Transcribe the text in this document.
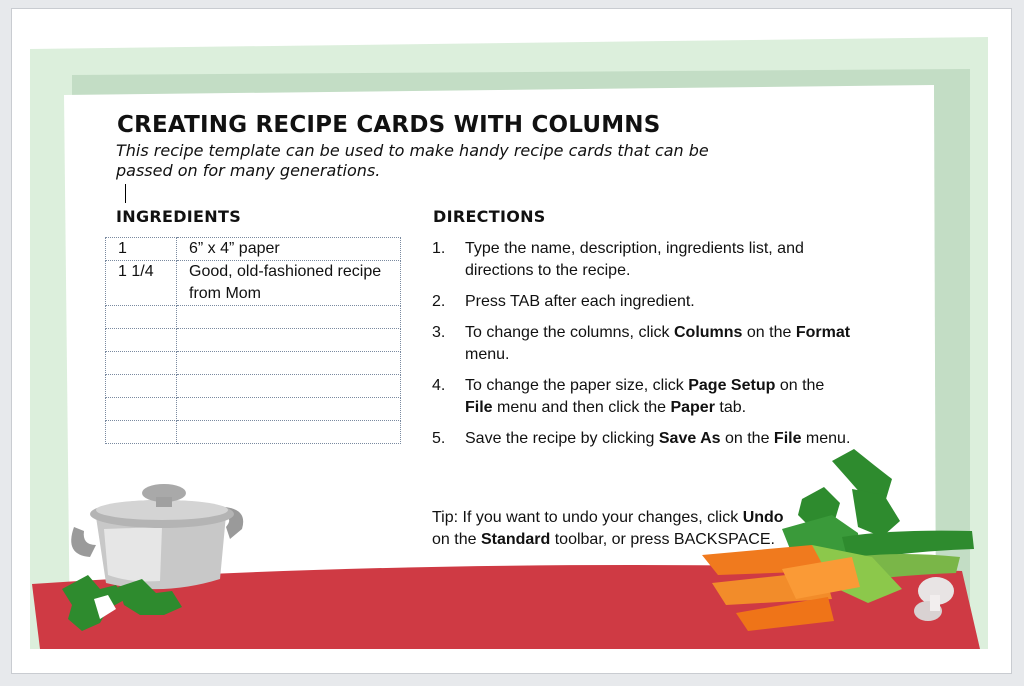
CREATING RECIPE CARDS WITH COLUMNS

This recipe template can be used to make handy recipe cards that can be passed on for many generations.

INGREDIENTS	DIRECTIONS
1	6” x 4” paper
1 1/4	Good, old-fashioned recipe from Mom

1. Type the name, description, ingredients list, and directions to the recipe.
2. Press TAB after each ingredient.
3. To change the columns, click Columns on the Format menu.
4. To change the paper size, click Page Setup on the File menu and then click the Paper tab.
5. Save the recipe by clicking Save As on the File menu.

Tip: If you want to undo your changes, click Undo on the Standard toolbar, or press BACKSPACE.
